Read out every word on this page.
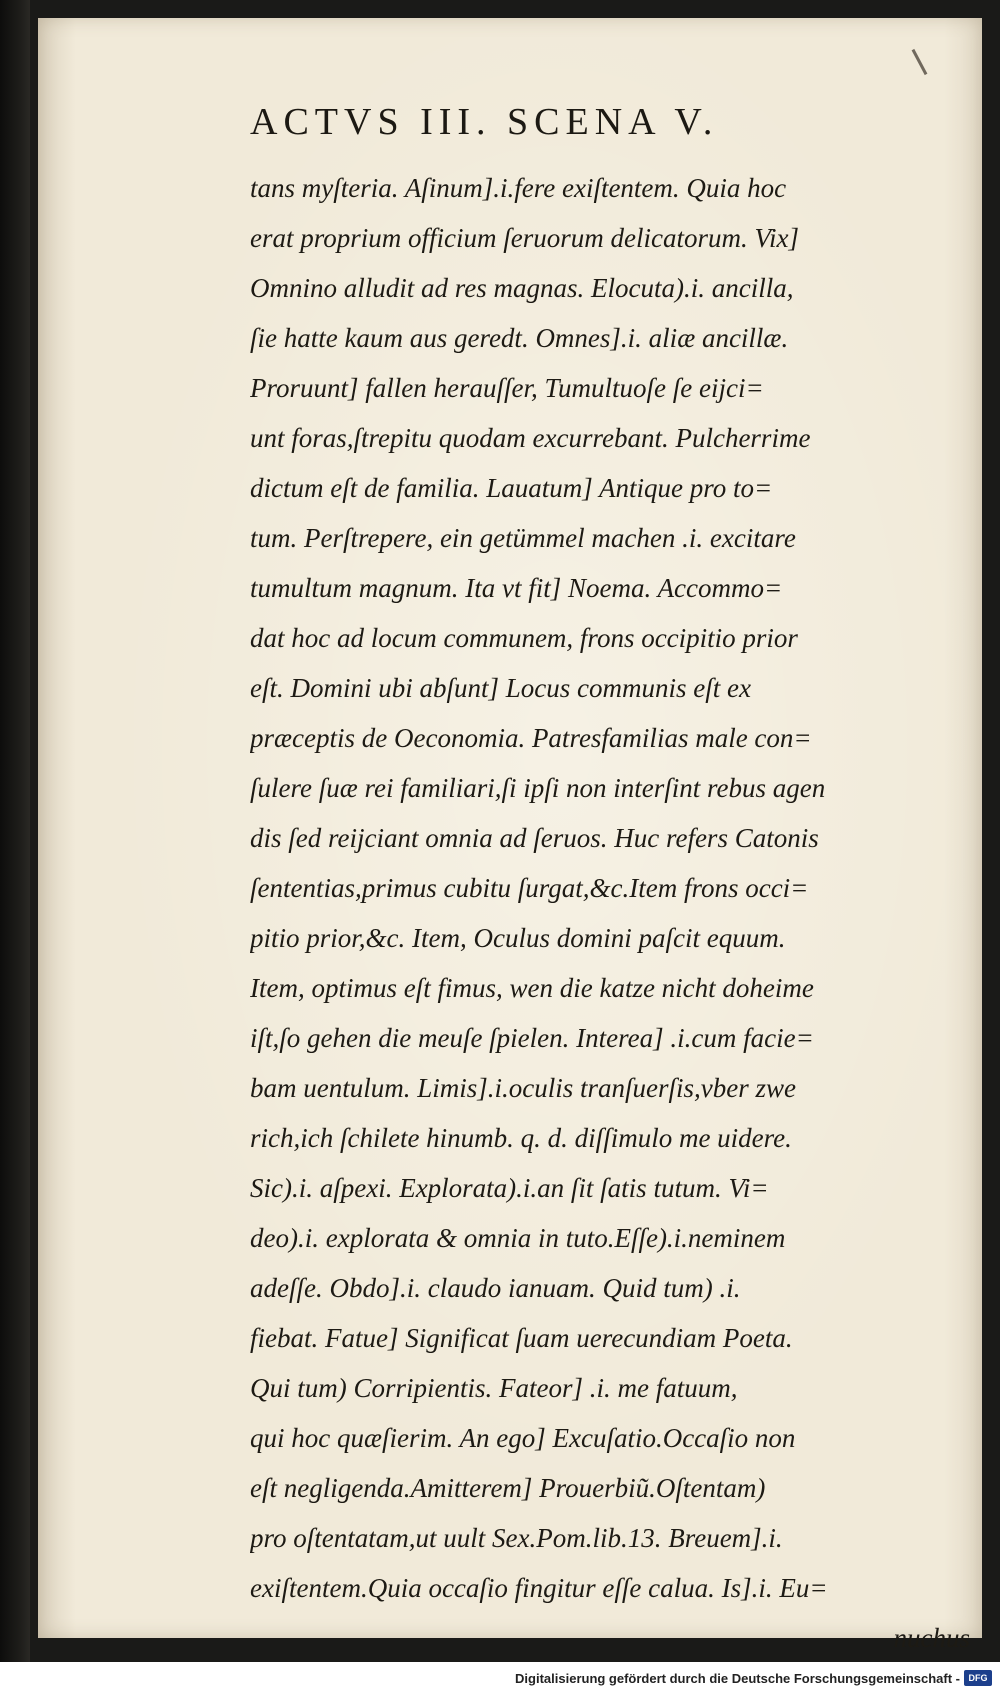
ACTVS III. SCENA V.
tans myſteria. Aſinum].i.fere exiſtentem. Quia hoc
erat proprium officium ſeruorum delicatorum. Vix]
Omnino alludit ad res magnas. Elocuta).i. ancilla,
ſie hatte kaum aus geredt. Omnes].i. aliæ ancillæ.
Proruunt] fallen herauſſer, Tumultuoſe ſe eijci=
unt foras,ſtrepitu quodam excurrebant. Pulcherrime
dictum eſt de familia. Lauatum] Antique pro to=
tum. Perſtrepere, ein getümmel machen .i. excitare
tumultum magnum. Ita vt fit] Noema. Accommo=
dat hoc ad locum communem, frons occipitio prior
eſt. Domini ubi abſunt] Locus communis eſt ex
præceptis de Oeconomia. Patresfamilias male con=
ſulere ſuæ rei familiari,ſi ipſi non interſint rebus agen
dis ſed reijciant omnia ad ſeruos. Huc refers Catonis
ſententias,primus cubitu ſurgat,&c.Item frons occi=
pitio prior,&c. Item, Oculus domini paſcit equum.
Item, optimus eſt fimus, wen die katze nicht doheime
iſt,ſo gehen die meuſe ſpielen. Interea] .i.cum facie=
bam uentulum. Limis].i.oculis tranſuerſis,vber zwe
rich,ich ſchilete hinumb. q. d. diſſimulo me uidere.
Sic).i. aſpexi. Explorata).i.an ſit ſatis tutum. Vi=
deo).i. explorata & omnia in tuto.Eſſe).i.neminem
adeſſe. Obdo].i. claudo ianuam. Quid tum) .i.
fiebat. Fatue] Significat ſuam uerecundiam Poeta.
Qui tum) Corripientis. Fateor] .i. me fatuum,
qui hoc quæſierim. An ego] Excuſatio.Occaſio non
eſt negligenda.Amitterem] Prouerbiũ.Oſtentam)
pro oſtentatam,ut uult Sex.Pom.lib.13. Breuem].i.
exiſtentem.Quia occaſio fingitur eſſe calua. Is].i. Eu=
nuchus
Digitalisierung gefördert durch die Deutsche Forschungsgemeinschaft - DFG
